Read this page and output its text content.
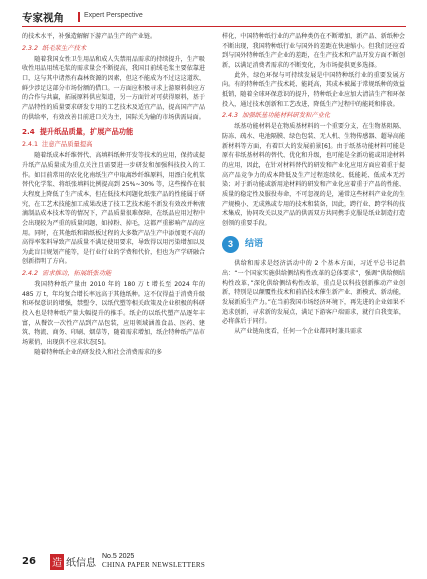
专家视角	Expert Perspective

的技术水平，补强造解解下游产品生产的产业链。

2.3.2 纸毛浆生产技术

随着我国女性卫生用品和成人失禁用品需求的持续提升，生产吸收性用品用绒毛浆的需求量会不断提高，我国目前绒毛浆主要依靠进口，这与其中诸然有森林资源的因素，但这不能成为不过这这道坎、鲜少涉足这部分市场份额的借口。一方面应积极寻求上游原料供应方的合作与共赢，拓展原料供应渠道，另一方面针对可获得原料，基于产品特性的质量要求研发专用的工艺技术及适宜产品，提高国产产品的供给率，有效改善目前进口关为主，国际关为输的市场供需局面。

2.4 提升纸品质量，扩展产品功能
2.4.1 注意产品质量提高

随着纸成本纤维替代、高填料纸种开发等技术的应用，保持或提升纸产品质量成为重点关注且需要进一步研发和加强科技投入的工作。如目前常用的农化化南纸生产中取离纱纤维原料，用漂白化机浆替代化学浆、将纸张填料比例提高到 25%~30% 等，这些操作在很大程度上降低了生产成本，但在低技术问题化纸张产品的性能属于研究，在工艺术技能加工成果改进了技工艺技术能不新发有效改并种液滴制品成本技术等的情况下，产品质量很难保障，在纸品应用过程中会出现较为严重的质量问题，如掉粉、掉毛，这都严重影响产品的应用。同时，在其他纸和箱纸板过程的大多数产品生产中添加更不高的高得率浆料导致产品质量不满足使用要求，导致得以用污染增加以及为此盲目规划产能等，是行业行业的学费和代价，但也为产学研融合创新指明了方向。

2.4.2 需求推动，拓展纸张功能

我国特种纸产量由 2010 年的 180 万 t 增长至 2024 年的 485 万 t，年均复合增长率远高于其他纸种。这不仅得益于消费升级和环保意识的增强，禁塑令、以纸代塑等相关政策及企业积极的科研投入也是特种纸产量大幅提升的推手。纸企的以纸代塑产品逐年丰富，从餐饮一次性产品到产品包装，应用领域涵盖食品、医药、建筑、物流、商务、印刷、烟草等，随着需求增加，纸企特种纸产品市场紧俏，出现供不应求状态[5]。

随着特种纸企业的研发投入和社会消费需求的多

样化，中国特种纸行业的产品种类仍在不断增加，新产品、新纸种会不断出现，我国特种纸行业与国外的差距在快速缩小。但我们还应看到与国外特种纸生产企业的差距，在生产技术和产品开发方面不断创新，以满足消费者需求的不断变化，为市场提供更多选择。

此外，绿色环保与可持续发展是中国特种纸行业的重要发展方向。有的特种纸生产技术耗、能耗高，其成本被属于常规纸种的效益抵销，随着全球环保意识的提升，特种纸企业应加大清洁生产和环保投入，通过技术创新和工艺改进，降低生产过程中的能耗和排放。

2.4.3 加强纸基功能材料研发和产业化

纸基功能材料是在物质基材料的一个重要分支，在生物基阻隔、防冻、疏水、电池隔膜、绿色包装、无人机、生物传感器、超导高能新材料等方面，有着巨大的发展前景[6]。由于纸基功能材料可能是原有非纸基材料的替代、优化和升级，也可能是全新功能或用途材料的应用，因此，在针对材料替代的研发和产业化应用方面应着重于提高产品竞争力的成本降低及生产过程连续化、低能耗、低成本无污染；对于新功能或新用途材料的研发和产业化应着重于产品的性能、质量的稳定性及服役寿命，不可忽视的是，通常这些材料产业化的生产规模小、无成熟或专用的技术和装备，因此，跨行业、跨学科的技术集成，协同攻关以及产品的供需双方共同携手克服是纸业制造打造创领的重要手段。

3	结语

供给和需求是经济活动中的 2 个基本方面，习近平总书记指出：“一个国家实施供给侧结构性改革的总体要求”，强调“供给侧结构性改革，”深化供给侧结构性改革，重点是以科技创新推动产业创新，特别是以颠覆性技术和前沿技术催生新产业、新模式、新动能，发展新质生产力。”在当前我国市场经济环境下，再先进的企业如果不追求创新，寻求新的发展点，满足下游客户端需求，就行自我变革，必将落后于同行。

从产业链角度看，任何一个企业都同时兼具需求

26 造 纸信息
No.5 2025
CHINA PAPER NEWSLETTERS
